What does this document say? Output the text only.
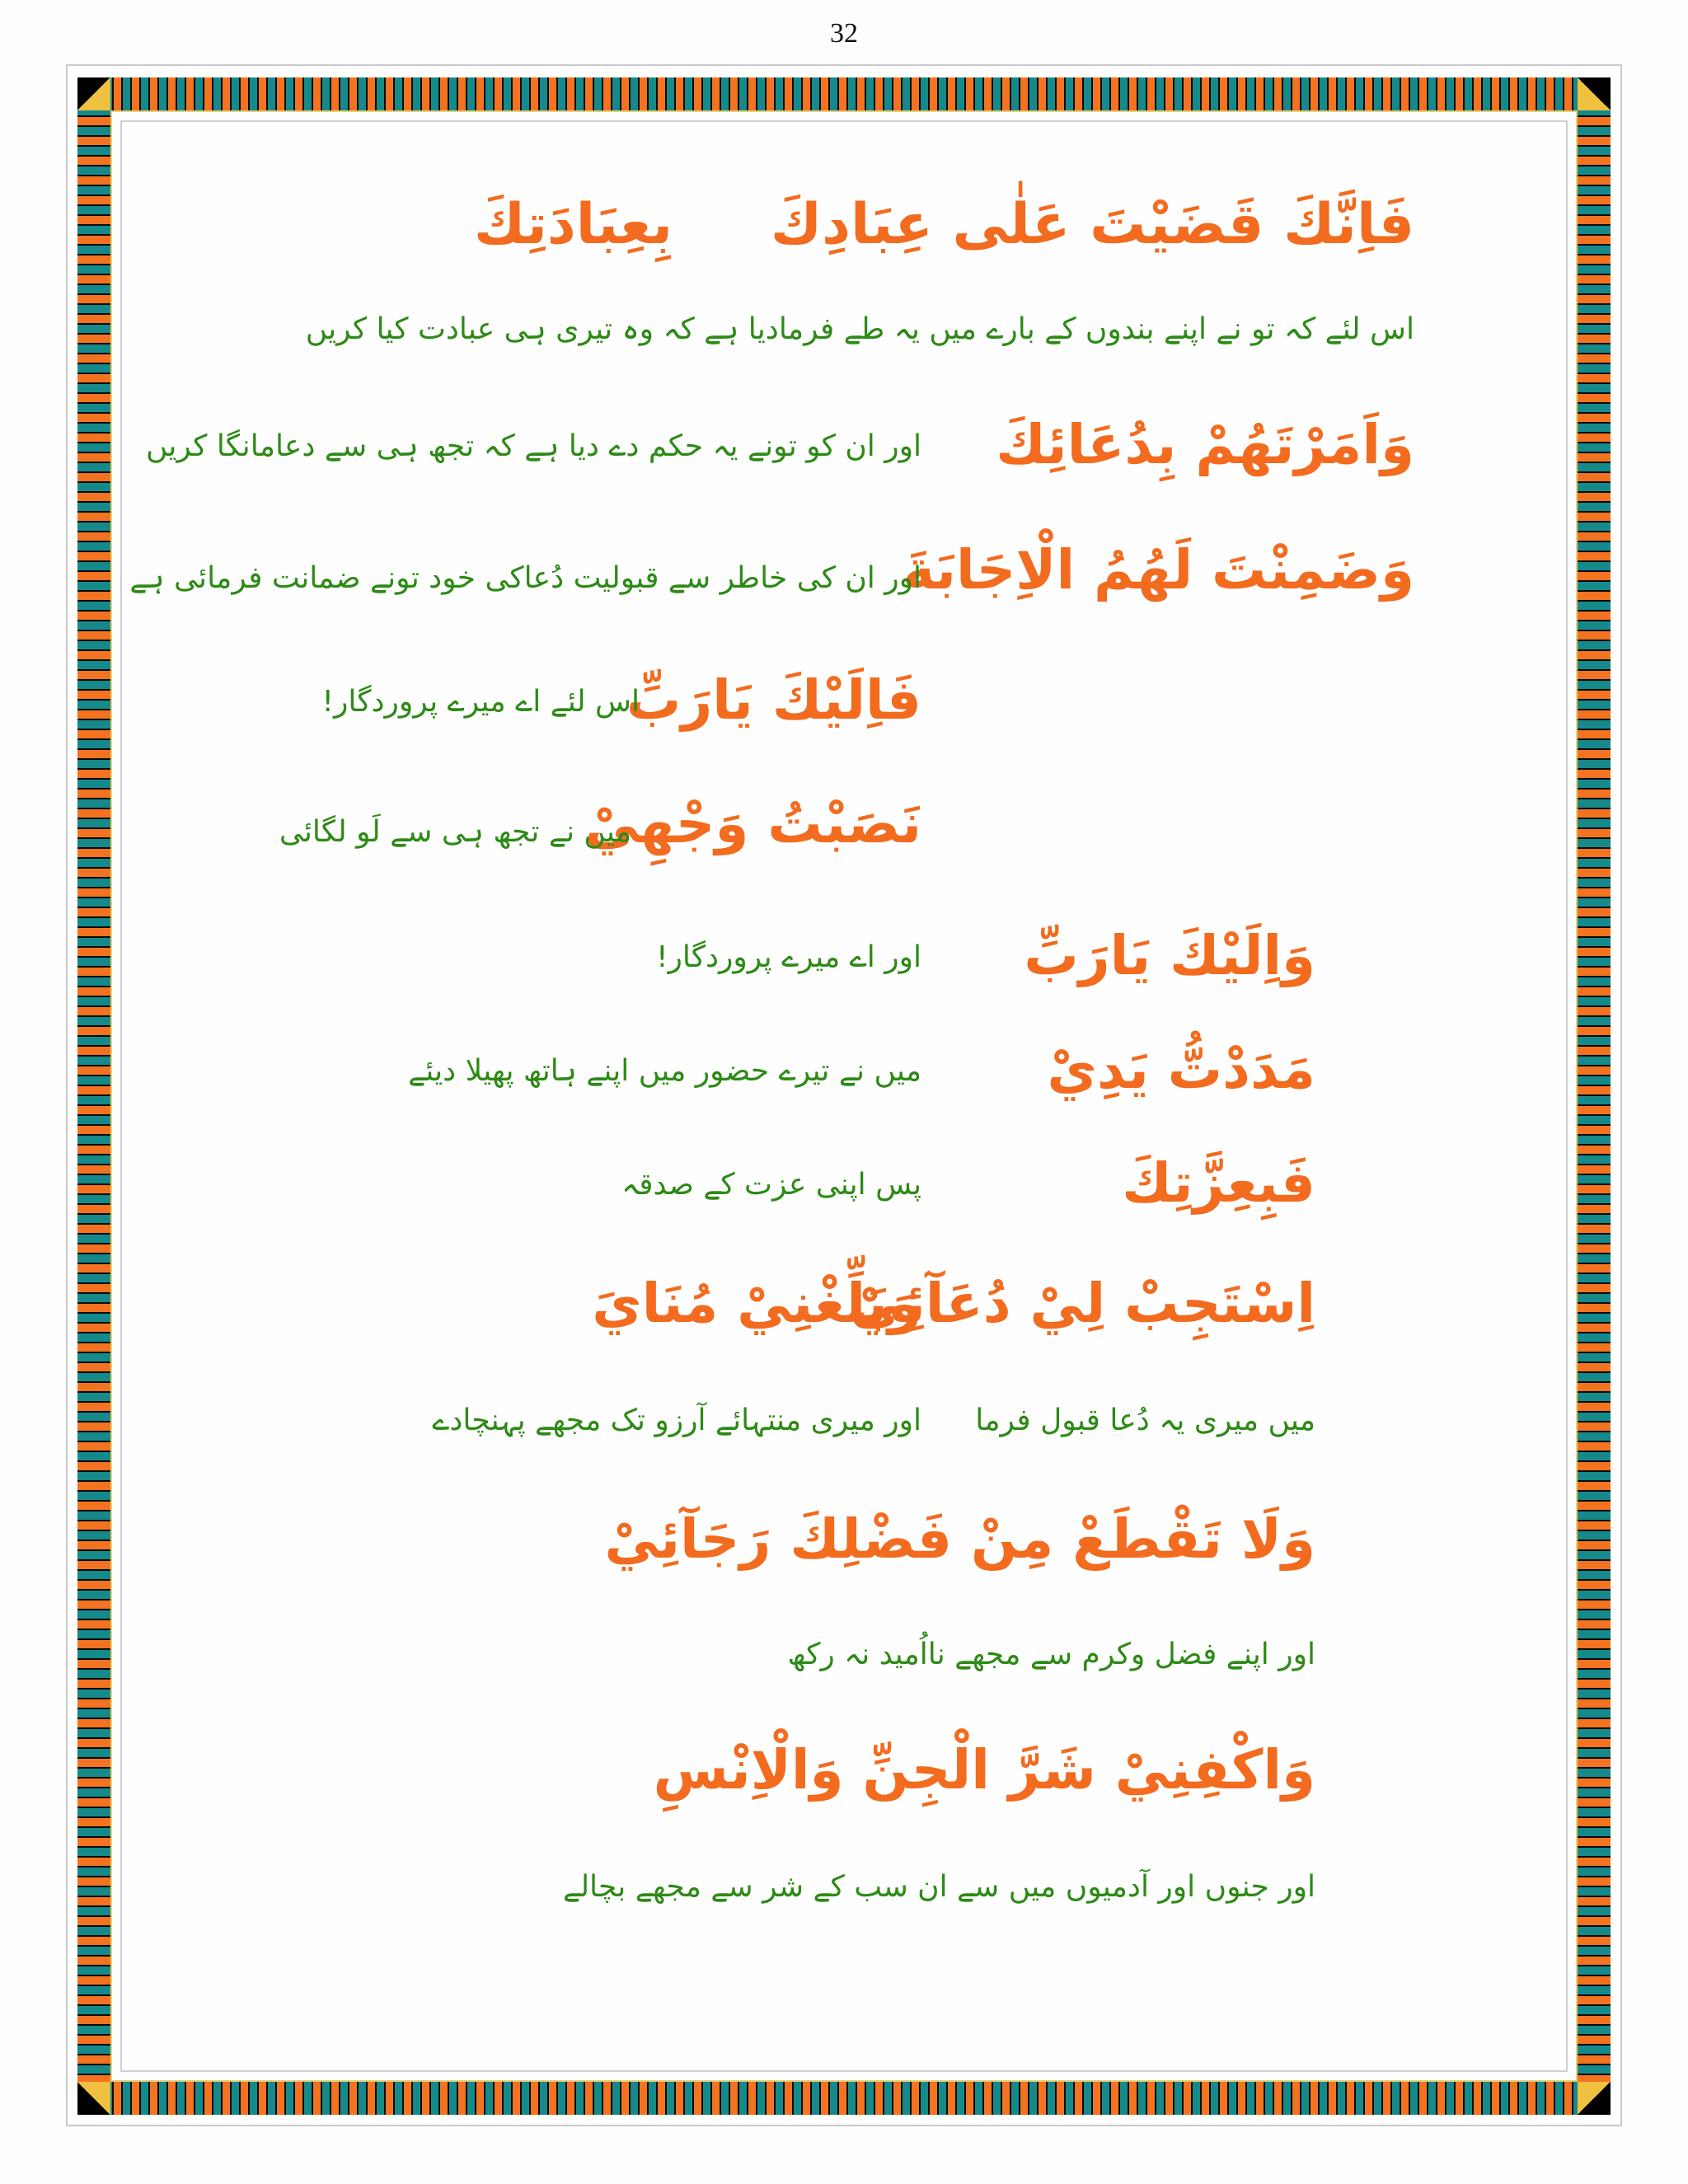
32
فَاِنَّكَ قَضَيْتَ عَلٰى عِبَادِكَ
بِعِبَادَتِكَ
اس لئے کہ تو نے اپنے بندوں کے بارے میں یہ طے فرمادیا ہے کہ وہ تیری ہی عبادت کیا کریں
وَاَمَرْتَهُمْ بِدُعَائِكَ
اور ان کو تونے یہ حکم دے دیا ہے کہ تجھ ہی سے دعامانگا کریں
وَضَمِنْتَ لَهُمُ الْاِجَابَةَ
اور ان کی خاطر سے قبولیت دُعاکی خود تونے ضمانت فرمائی ہے
فَاِلَيْكَ يَارَبِّ
اس لئے اے میرے پروردگار!
نَصَبْتُ وَجْهِيْ
میں نے تجھ ہی سے لَو لگائی
وَاِلَيْكَ يَارَبِّ
اور اے میرے پروردگار!
مَدَدْتُّ يَدِيْ
میں نے تیرے حضور میں اپنے ہاتھ پھیلا دیئے
فَبِعِزَّتِكَ
پس اپنی عزت کے صدقہ
اِسْتَجِبْ لِيْ دُعَآئِيْ
وَبَلِّغْنِيْ مُنَايَ
میں میری یہ دُعا قبول فرما
اور میری منتہائے آرزو تک مجھے پہنچادے
وَلَا تَقْطَعْ مِنْ فَضْلِكَ رَجَآئِيْ
اور اپنے فضل وکرم سے مجھے نااُمید نہ رکھ
وَاكْفِنِيْ شَرَّ الْجِنِّ وَالْاِنْسِ
اور جنوں اور آدمیوں میں سے ان سب کے شر سے مجھے بچالے
